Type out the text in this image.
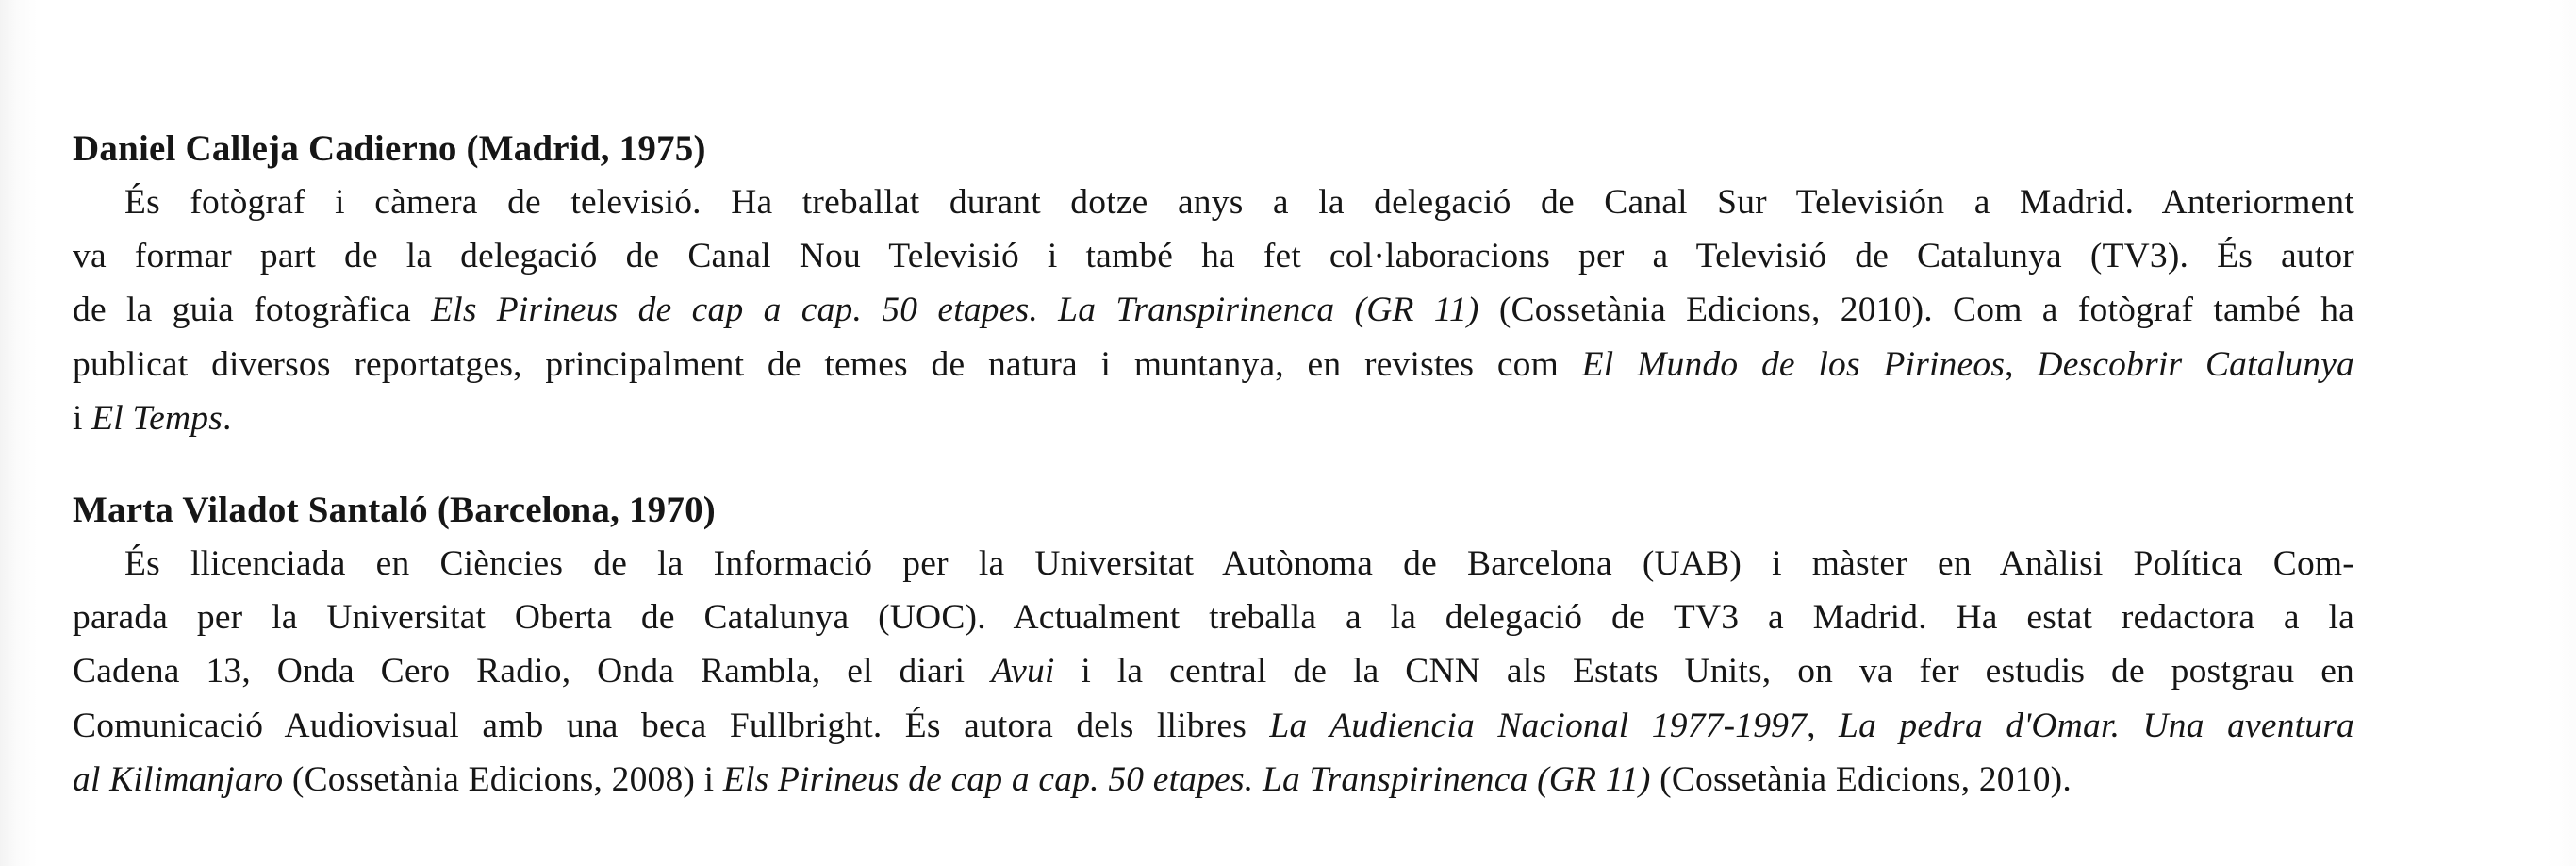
Daniel Calleja Cadierno (Madrid, 1975)
És fotògraf i càmera de televisió. Ha treballat durant dotze anys a la delegació de Canal Sur Televisión a Madrid. Anteriorment
va formar part de la delegació de Canal Nou Televisió i també ha fet col·laboracions per a Televisió de Catalunya (TV3). És autor
de la guia fotogràfica Els Pirineus de cap a cap. 50 etapes. La Transpirinenca (GR 11) (Cossetània Edicions, 2010). Com a fotògraf també ha
publicat diversos reportatges, principalment de temes de natura i muntanya, en revistes com El Mundo de los Pirineos, Descobrir Catalunya
i El Temps.
Marta Viladot Santaló (Barcelona, 1970)
És llicenciada en Ciències de la Informació per la Universitat Autònoma de Barcelona (UAB) i màster en Anàlisi Política Com-
parada per la Universitat Oberta de Catalunya (UOC). Actualment treballa a la delegació de TV3 a Madrid. Ha estat redactora a la
Cadena 13, Onda Cero Radio, Onda Rambla, el diari Avui i la central de la CNN als Estats Units, on va fer estudis de postgrau en
Comunicació Audiovisual amb una beca Fullbright. És autora dels llibres La Audiencia Nacional 1977-1997, La pedra d'Omar. Una aventura
al Kilimanjaro (Cossetània Edicions, 2008) i Els Pirineus de cap a cap. 50 etapes. La Transpirinenca (GR 11) (Cossetània Edicions, 2010).
